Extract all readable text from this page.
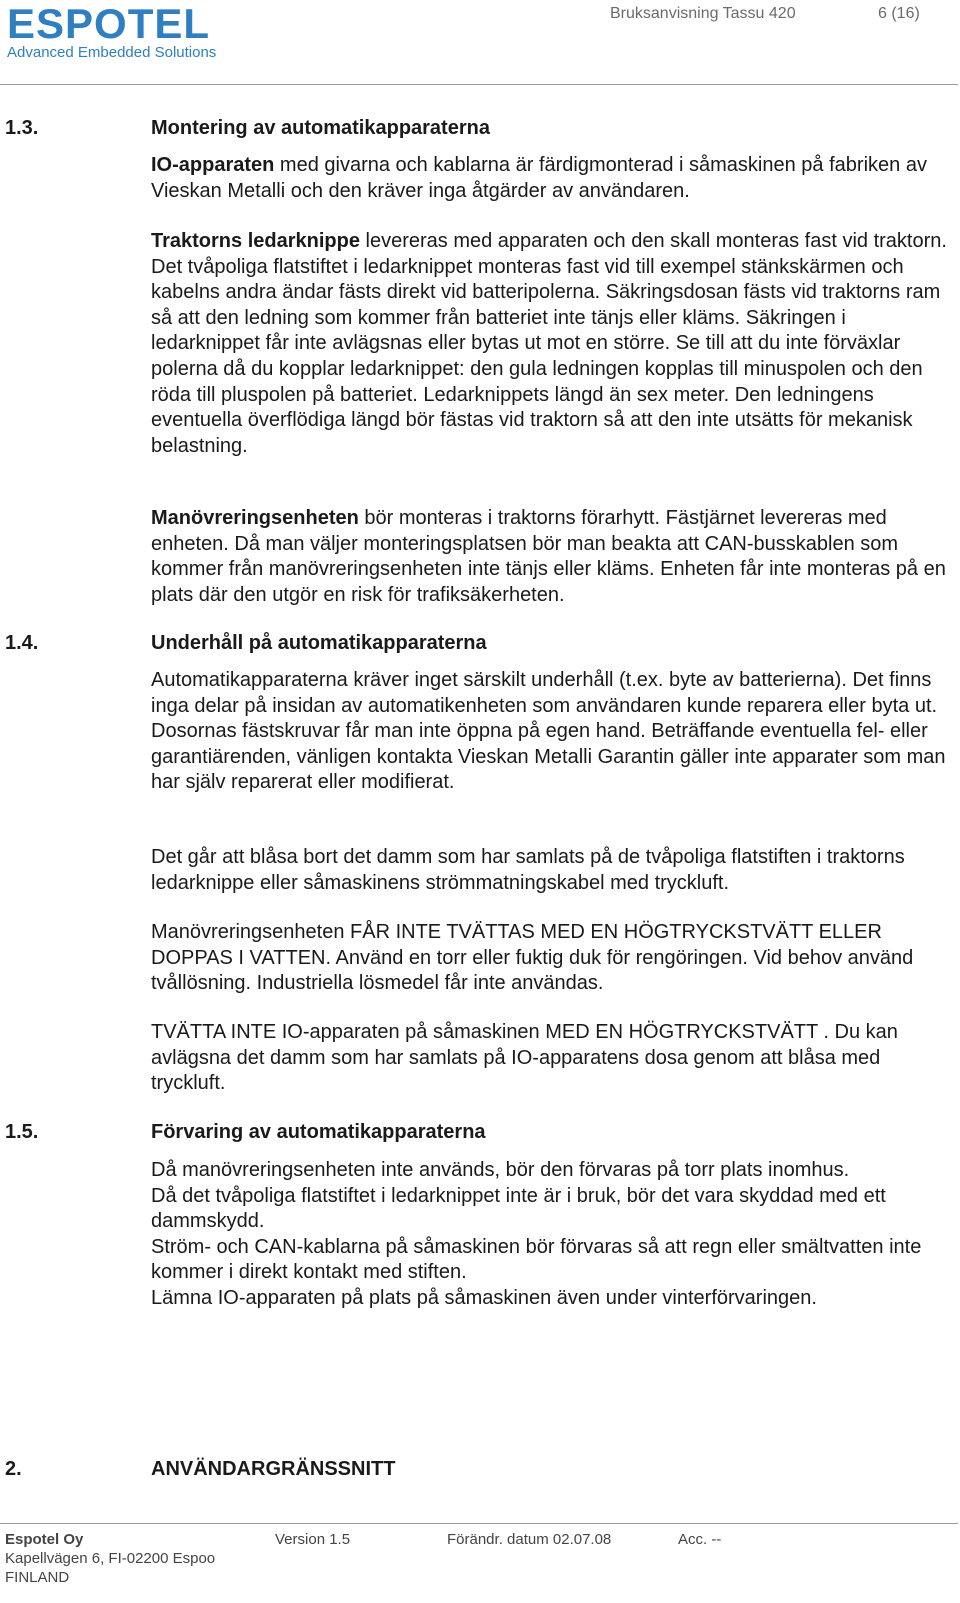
ESPOTEL
Advanced Embedded Solutions
Bruksanvisning Tassu 420	6 (16)
1.3.	Montering av automatikapparaterna

IO-apparaten med givarna och kablarna är färdigmonterad i såmaskinen på fabriken av Vieskan Metalli och den kräver inga åtgärder av användaren.

Traktorns ledarknippe levereras med apparaten och den skall monteras fast vid traktorn. Det tvåpoliga flatstiftet i ledarknippet monteras fast vid till exempel stänkskärmen och kabelns andra ändar fästs direkt vid batteripolerna. Säkringsdosan fästs vid traktorns ram så att den ledning som kommer från batteriet inte tänjs eller kläms. Säkringen i ledarknippet får inte avlägsnas eller bytas ut mot en större. Se till att du inte förväxlar polerna då du kopplar ledarknippet: den gula ledningen kopplas till minuspolen och den röda till pluspolen på batteriet. Ledarknippets längd än sex meter. Den ledningens eventuella överflödiga längd bör fästas vid traktorn så att den inte utsätts för mekanisk belastning.

Manövreringsenheten bör monteras i traktorns förarhytt. Fästjärnet levereras med enheten. Då man väljer monteringsplatsen bör man beakta att CAN-busskablen som kommer från manövreringsenheten inte tänjs eller kläms. Enheten får inte monteras på en plats där den utgör en risk för trafiksäkerheten.

1.4.	Underhåll på automatikapparaterna

Automatikapparaterna kräver inget särskilt underhåll (t.ex. byte av batterierna). Det finns inga delar på insidan av automatikenheten som användaren kunde reparera eller byta ut.
Dosornas fästskruvar får man inte öppna på egen hand. Beträffande eventuella fel- eller garantiärenden, vänligen kontakta Vieskan Metalli Garantin gäller inte apparater som man har själv reparerat eller modifierat.

Det går att blåsa bort det damm som har samlats på de tvåpoliga flatstiften i traktorns ledarknippe eller såmaskinens strömmatningskabel med tryckluft.

Manövreringsenheten FÅR INTE TVÄTTAS MED EN HÖGTRYCKSTVÄTT ELLER DOPPAS I VATTEN. Använd en torr eller fuktig duk för rengöringen. Vid behov använd tvållösning. Industriella lösmedel får inte användas.

TVÄTTA INTE IO-apparaten på såmaskinen MED EN HÖGTRYCKSTVÄTT . Du kan avlägsna det damm som har samlats på IO-apparatens dosa genom att blåsa med tryckluft.

1.5.	Förvaring av automatikapparaterna

Då manövreringsenheten inte används, bör den förvaras på torr plats inomhus.
Då det tvåpoliga flatstiftet i ledarknippet inte är i bruk, bör det vara skyddad med ett dammskydd.
Ström- och CAN-kablarna på såmaskinen bör förvaras så att regn eller smältvatten inte kommer i direkt kontakt med stiften.
Lämna IO-apparaten på plats på såmaskinen även under vinterförvaringen.

2.	ANVÄNDARGRÄNSSNITT
Espotel Oy
Kapellvägen 6, FI-02200 Espoo
FINLAND
Version 1.5	Förändr. datum 02.07.08	Acc. --
